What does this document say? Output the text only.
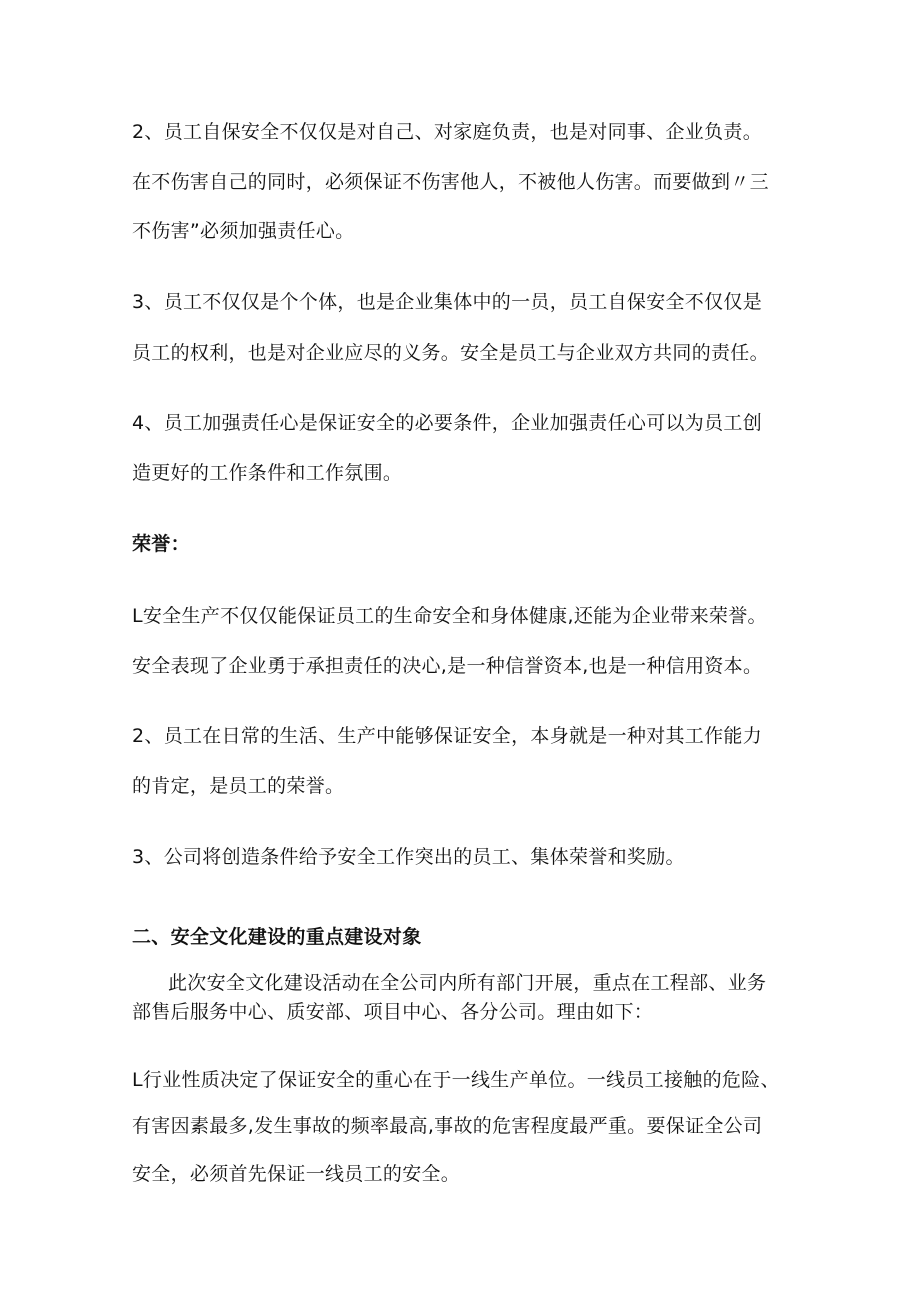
2、员工自保安全不仅仅是对自己、对家庭负责，也是对同事、企业负责。
在不伤害自己的同时，必须保证不伤害他人，不被他人伤害。而要做到〃三
不伤害”必须加强责任心。
3、员工不仅仅是个个体，也是企业集体中的一员，员工自保安全不仅仅是
员工的权利，也是对企业应尽的义务。安全是员工与企业双方共同的责任。
4、员工加强责任心是保证安全的必要条件，企业加强责任心可以为员工创
造更好的工作条件和工作氛围。
荣誉：
L安全生产不仅仅能保证员工的生命安全和身体健康,还能为企业带来荣誉。
安全表现了企业勇于承担责任的决心,是一种信誉资本,也是一种信用资本。
2、员工在日常的生活、生产中能够保证安全，本身就是一种对其工作能力
的肯定，是员工的荣誉。
3、公司将创造条件给予安全工作突出的员工、集体荣誉和奖励。
二、安全文化建设的重点建设对象
此次安全文化建设活动在全公司内所有部门开展，重点在工程部、业务
部售后服务中心、质安部、项目中心、各分公司。理由如下：
L行业性质决定了保证安全的重心在于一线生产单位。一线员工接触的危险、
有害因素最多,发生事故的频率最高,事故的危害程度最严重。要保证全公司
安全，必须首先保证一线员工的安全。
